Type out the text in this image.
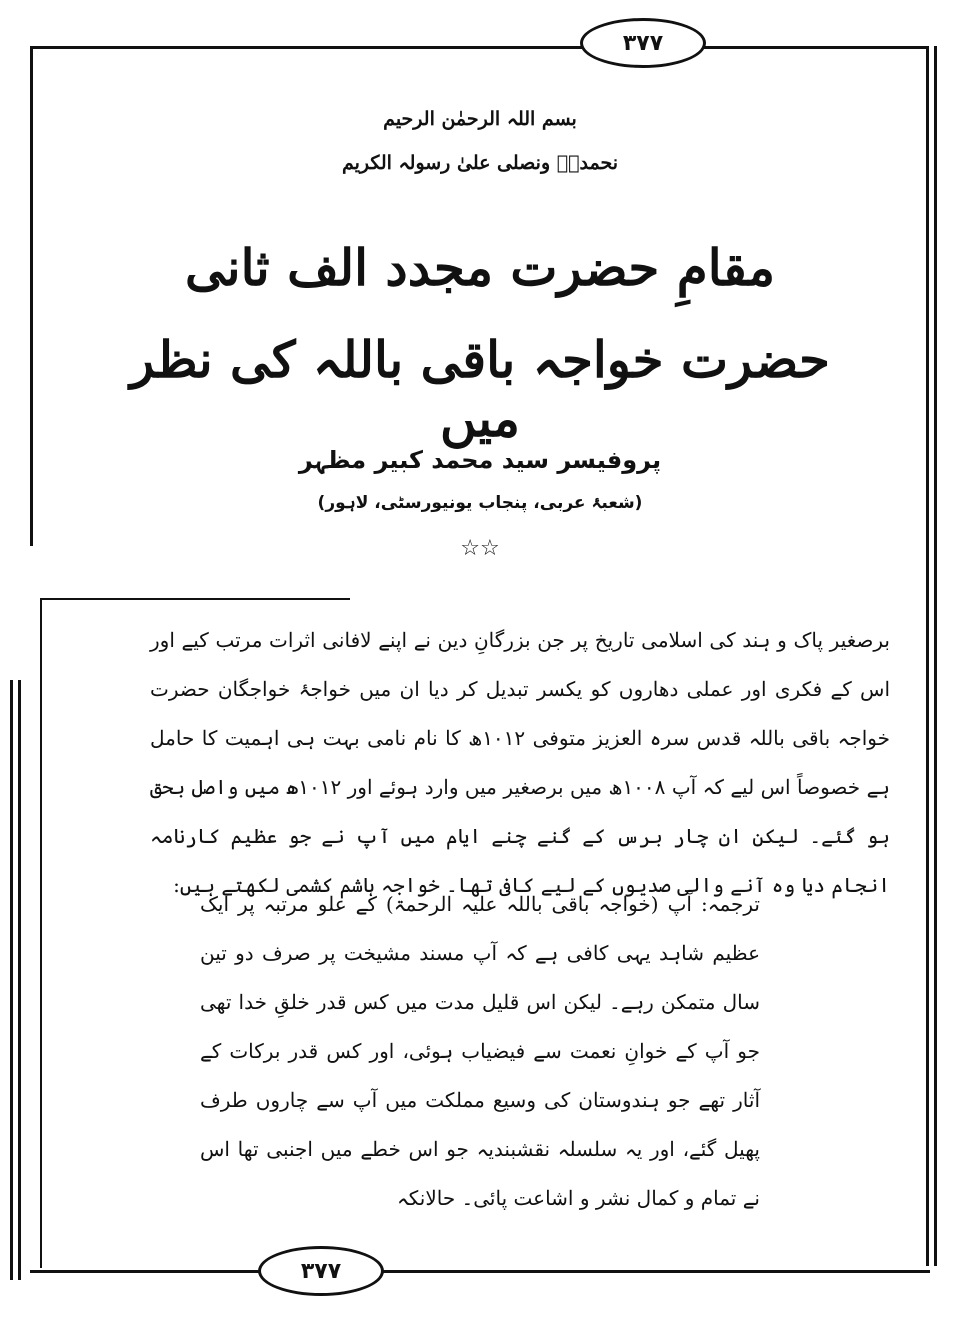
۳۷۷
۳۷۷
بسم اللہ الرحمٰن الرحیم
نحمدہٗ ونصلی علیٰ رسولہ الکریم
مقامِ حضرت مجدد الف ثانی
حضرت خواجہ باقی باللہ کی نظر میں
پروفیسر سید محمد کبیر مظہر
(شعبۂ عربی، پنجاب یونیورسٹی، لاہور)
☆☆

برصغیر پاک و ہند کی اسلامی تاریخ پر جن بزرگانِ دین نے اپنے لافانی اثرات مرتب کیے اور اس کے فکری اور عملی دھاروں کو یکسر تبدیل کر دیا ان میں خواجۂ خواجگان حضرت خواجہ باقی باللہ قدس سرہ العزیز متوفی ۱۰۱۲ھ کا نام نامی بہت ہی اہمیت کا حامل ہے خصوصاً اس لیے کہ آپ ۱۰۰۸ھ میں برصغیر میں وارد ہوئے اور ۱۰۱۲ھ میں واصل بحق ہو گئے۔ لیکن ان چار برس کے گنے چنے ایام میں آپ نے جو عظیم کارنامہ انجام دیا وہ آنے والی صدیوں کے لیے کافی تھا۔ خواجہ ہاشم کشمی لکھتے ہیں:

ترجمہ: آپ (خواجہ باقی باللہ علیہ الرحمۃ) کے علو مرتبہ پر ایک عظیم شاہد یہی کافی ہے کہ آپ مسند مشیخت پر صرف دو تین سال متمکن رہے۔ لیکن اس قلیل مدت میں کس قدر خلقِ خدا تھی جو آپ کے خوانِ نعمت سے فیضیاب ہوئی، اور کس قدر برکات کے آثار تھے جو ہندوستان کی وسیع مملکت میں آپ سے چاروں طرف پھیل گئے، اور یہ سلسلہ نقشبندیہ جو اس خطے میں اجنبی تھا اس نے تمام و کمال نشر و اشاعت پائی۔ حالانکہ
